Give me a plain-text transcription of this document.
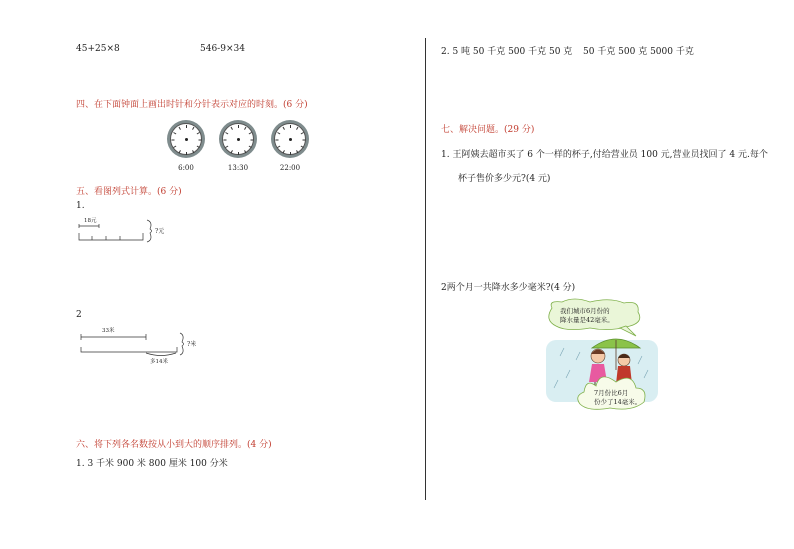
45+25×8	546-9×34
四、在下面钟面上画出时针和分针表示对应的时刻。(6 分)
6:00	13:30	22:00
五、看图列式计算。(6 分)
1.
18元
?元
2
33米
?米
多14米
六、将下列各名数按从小到大的顺序排列。(4 分)
1. 3 千米 900 米 800 厘米 100 分米
2. 5 吨 50 千克 500 千克 50 克 50 千克 500 克 5000 千克
七、解决问题。(29 分)
1. 王阿姨去超市买了 6 个一样的杯子,付给营业员 100 元,营业员找回了 4 元.每个
杯子售价多少元?(4 元)
2两个月一共降水多少毫米?(4 分)
我们城市6月份的
降水量是42毫米。
7月份比6月
份少了14毫米。
